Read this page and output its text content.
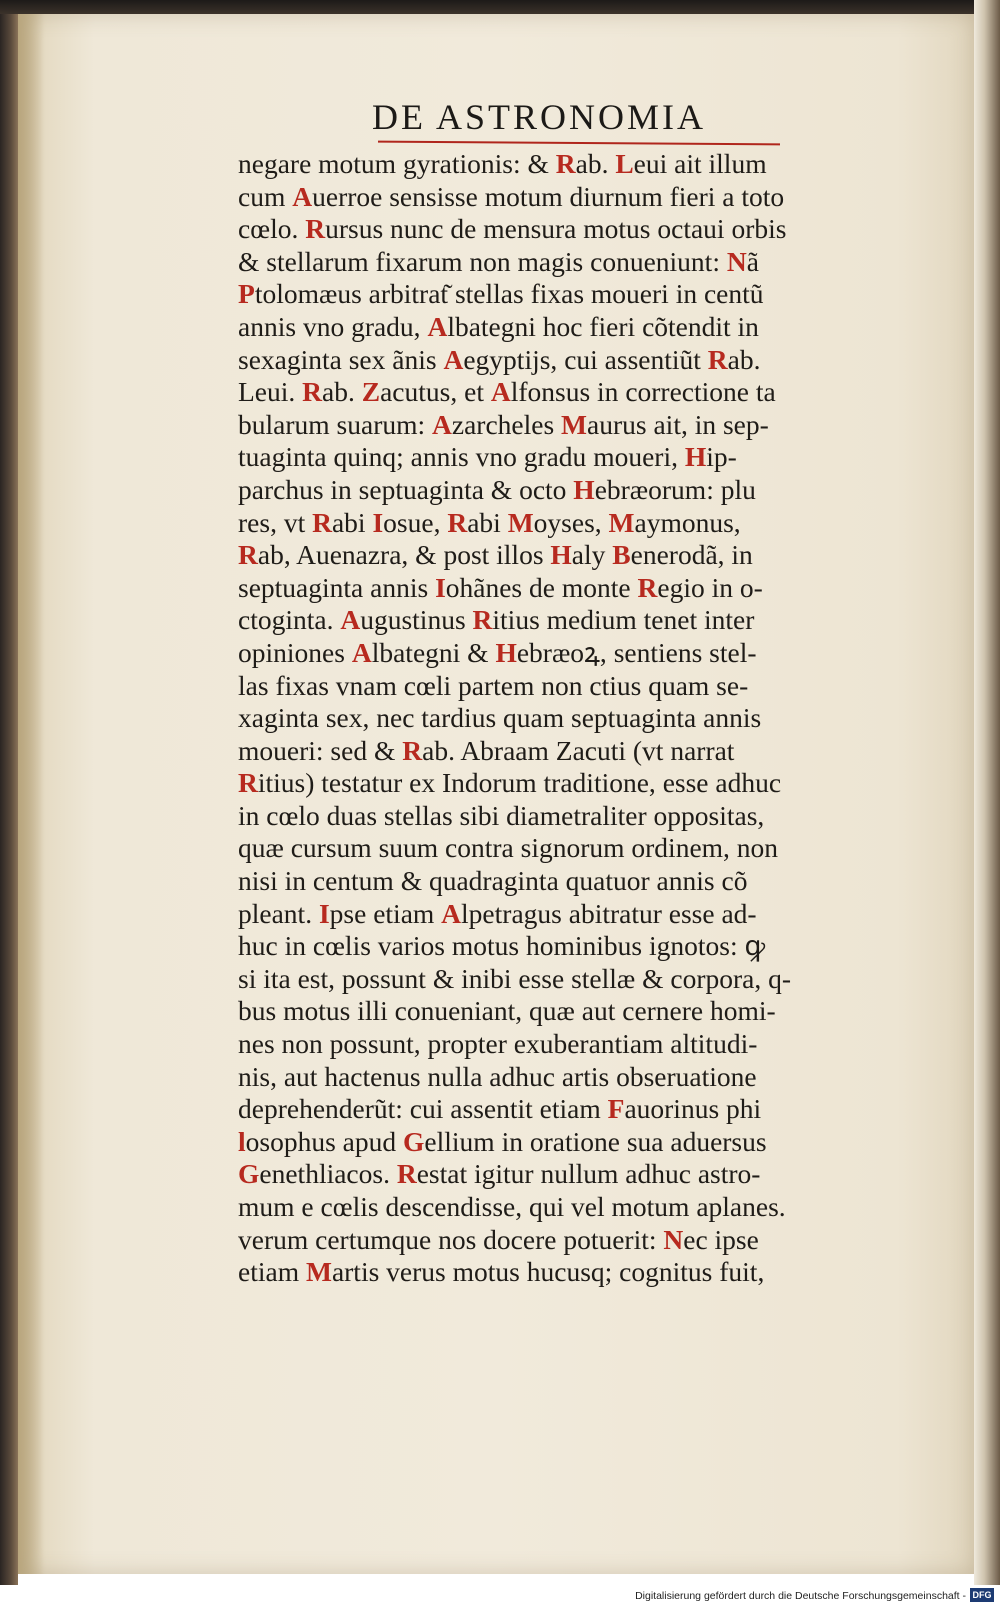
DE ASTRONOMIA
negare motum gyrationis: & Rab. Leui ait illum
cum Auerroe sensisse motum diurnum fieri a toto
cœlo. Rursus nunc de mensura motus octaui orbis
& stellarum fixarum non magis conueniunt: Nã
Ptolomæus arbitrat͂ stellas fixas moueri in centũ
annis vno gradu, Albategni hoc fieri cõtendit in
sexaginta sex ãnis Aegyptijs, cui assentiũt Rab.
Leui. Rab. Zacutus, et Alfonsus in correctione ta
bularum suarum: Azarcheles Maurus ait, in sep-
tuaginta quinq; annis vno gradu moueri, Hip-
parchus in septuaginta & octo Hebræorum: plu
res, vt Rabi Iosue, Rabi Moyses, Maymonus,
Rab, Auenazra, & post illos Haly Benerodã, in
septuaginta annis Iohãnes de monte Regio in o-
ctoginta. Augustinus Ritius medium tenet inter
opiniones Albategni & Hebræoꝝ, sentiens stel-
las fixas vnam cœli partem non ctius quam se-
xaginta sex, nec tardius quam septuaginta annis
moueri: sed & Rab. Abraam Zacuti (vt narrat
Ritius) testatur ex Indorum traditione, esse adhuc
in cœlo duas stellas sibi diametraliter oppositas,
quæ cursum suum contra signorum ordinem, non
nisi in centum & quadraginta quatuor annis cõ
pleant. Ipse etiam Alpetragus abitratur esse ad-
huc in cœlis varios motus hominibus ignotos: ꝙ
si ita est, possunt & inibi esse stellæ & corpora, q-
bus motus illi conueniant, quæ aut cernere homi-
nes non possunt, propter exuberantiam altitudi-
nis, aut hactenus nulla adhuc artis obseruatione
deprehenderũt: cui assentit etiam Fauorinus phi
losophus apud Gellium in oratione sua aduersus
Genethliacos. Restat igitur nullum adhuc astro-
mum e cœlis descendisse, qui vel motum aplanes.
verum certumque nos docere potuerit: Nec ipse
etiam Martis verus motus hucusq; cognitus fuit,
Digitalisierung gefördert durch die Deutsche Forschungsgemeinschaft - DFG
